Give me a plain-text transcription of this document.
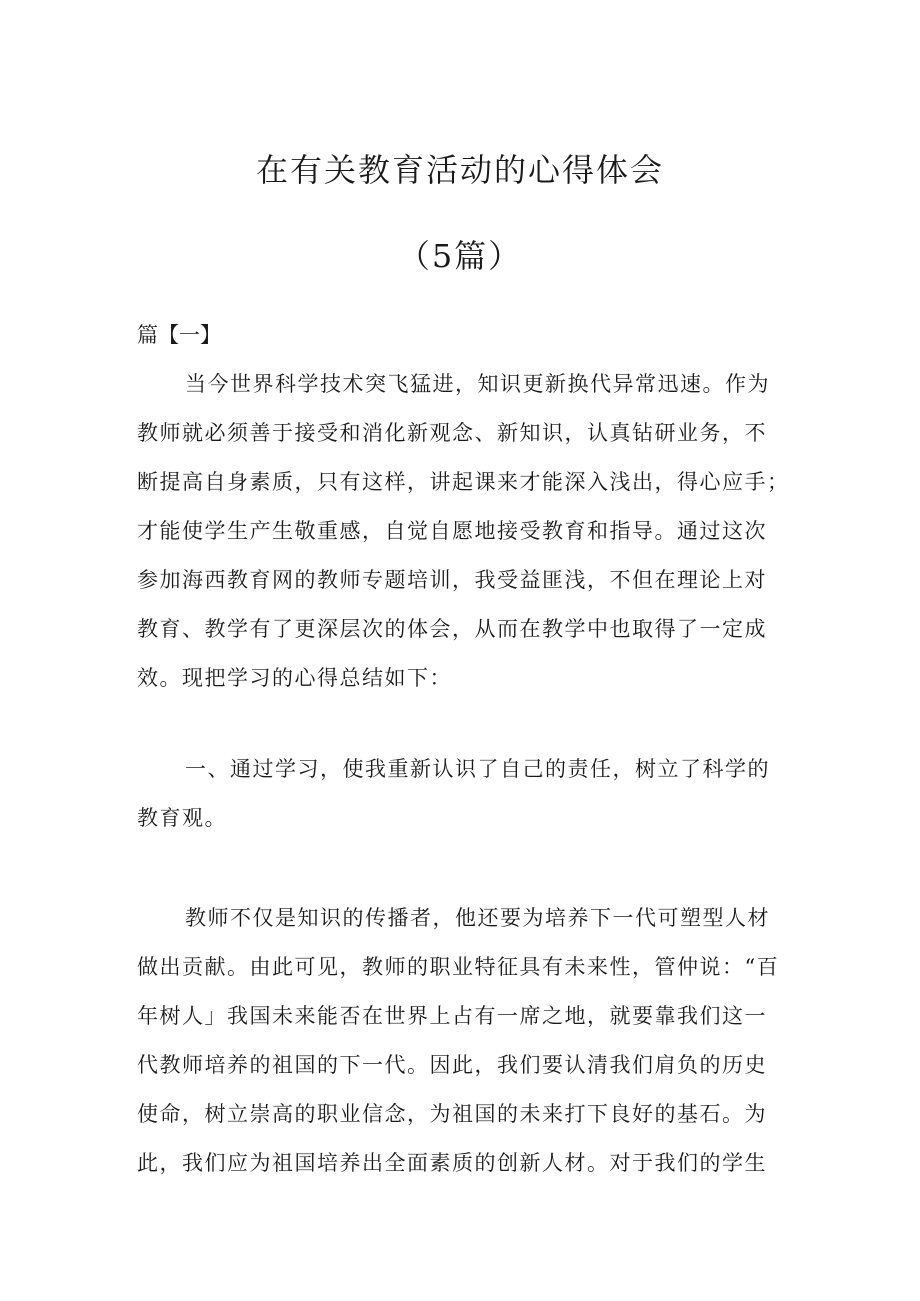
在有关教育活动的心得体会
（5篇）
篇【一】

当今世界科学技术突飞猛进，知识更新换代异常迅速。作为
教师就必须善于接受和消化新观念、新知识，认真钻研业务，不
断提高自身素质，只有这样，讲起课来才能深入浅出，得心应手；
才能使学生产生敬重感，自觉自愿地接受教育和指导。通过这次
参加海西教育网的教师专题培训，我受益匪浅，不但在理论上对
教育、教学有了更深层次的体会，从而在教学中也取得了一定成
效。现把学习的心得总结如下：

一、通过学习，使我重新认识了自己的责任，树立了科学的
教育观。

教师不仅是知识的传播者，他还要为培养下一代可塑型人材
做出贡献。由此可见，教师的职业特征具有未来性，管仲说：“百
年树人」我国未来能否在世界上占有一席之地，就要靠我们这一
代教师培养的祖国的下一代。因此，我们要认清我们肩负的历史
使命，树立崇高的职业信念，为祖国的未来打下良好的基石。为
此，我们应为祖国培养出全面素质的创新人材。对于我们的学生
